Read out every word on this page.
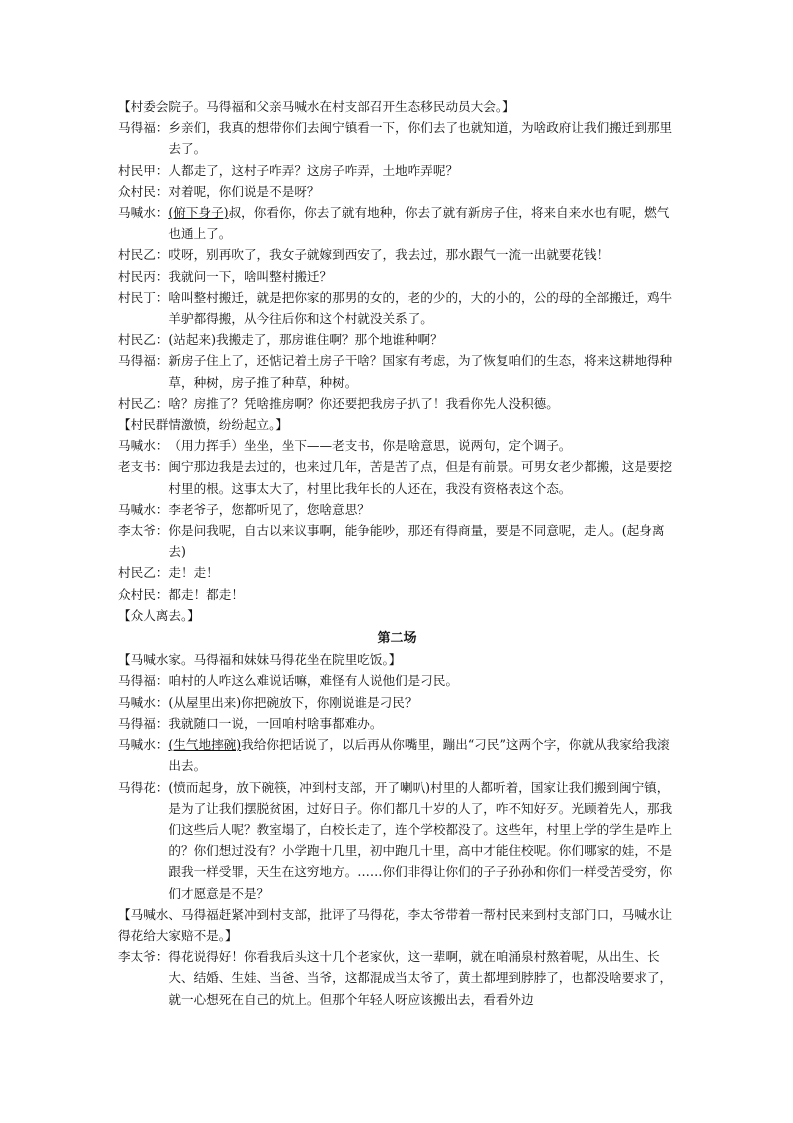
【村委会院子。马得福和父亲马喊水在村支部召开生态移民动员大会。】

马得福： 乡亲们，我真的想带你们去闽宁镇看一下，你们去了也就知道，为啥政府让我们搬迁到那里去了。
村民甲： 人都走了，这村子咋弄？这房子咋弄，土地咋弄呢？
众村民： 对着呢，你们说是不是呀？
马喊水： (俯下身子)叔，你看你，你去了就有地种，你去了就有新房子住，将来自来水也有呢，燃气也通上了。
村民乙： 哎呀，别再吹了，我女子就嫁到西安了，我去过，那水跟气一流一出就要花钱！
村民丙： 我就问一下，啥叫整村搬迁？
村民丁： 啥叫整村搬迁，就是把你家的那男的女的，老的少的，大的小的，公的母的全部搬迁，鸡牛羊驴都得搬，从今往后你和这个村就没关系了。
村民乙： (站起来)我搬走了，那房谁住啊？那个地谁种啊？
马得福： 新房子住上了，还惦记着土房子干啥？国家有考虑，为了恢复咱们的生态，将来这耕地得种草，种树，房子推了种草，种树。
村民乙： 啥？房推了？凭啥推房啊？你还要把我房子扒了！我看你先人没积德。

【村民群情激愤，纷纷起立。】

马喊水： （用力挥手）坐坐，坐下——老支书，你是啥意思，说两句，定个调子。
老支书： 闽宁那边我是去过的，也来过几年，苦是苦了点，但是有前景。可男女老少都搬，这是要挖村里的根。这事太大了，村里比我年长的人还在，我没有资格表这个态。
马喊水： 李老爷子，您都听见了，您啥意思？
李太爷： 你是问我呢，自古以来议事啊，能争能吵，那还有得商量，要是不同意呢，走人。(起身离去)
村民乙： 走！走！
众村民： 都走！都走！

【众人离去。】

第二场

【马喊水家。马得福和妹妹马得花坐在院里吃饭。】

马得福： 咱村的人咋这么难说话嘛，难怪有人说他们是刁民。
马喊水： (从屋里出来)你把碗放下，你刚说谁是刁民？
马得福： 我就随口一说，一回咱村啥事都难办。
马喊水： (生气地摔碗)我给你把话说了，以后再从你嘴里，蹦出“刁民”这两个字，你就从我家给我滚出去。
马得花： (愤而起身，放下碗筷，冲到村支部，开了喇叭)村里的人都听着，国家让我们搬到闽宁镇，是为了让我们摆脱贫困，过好日子。你们都几十岁的人了，咋不知好歹。光顾着先人，那我们这些后人呢？教室塌了，白校长走了，连个学校都没了。这些年，村里上学的学生是咋上的？你们想过没有？小学跑十几里，初中跑几十里，高中才能住校呢。你们哪家的娃，不是跟我一样受罪，天生在这穷地方。……你们非得让你们的子子孙孙和你们一样受苦受穷，你们才愿意是不是？

【马喊水、马得福赶紧冲到村支部，批评了马得花，李太爷带着一帮村民来到村支部门口，马喊水让得花给大家赔不是。】

李太爷： 得花说得好！你看我后头这十几个老家伙，这一辈啊，就在咱涌泉村熬着呢，从出生、长大、结婚、生娃、当爸、当爷，这都混成当太爷了，黄土都埋到脖脖了，也都没啥要求了，就一心想死在自己的炕上。但那个年轻人呀应该搬出去，看看外边
